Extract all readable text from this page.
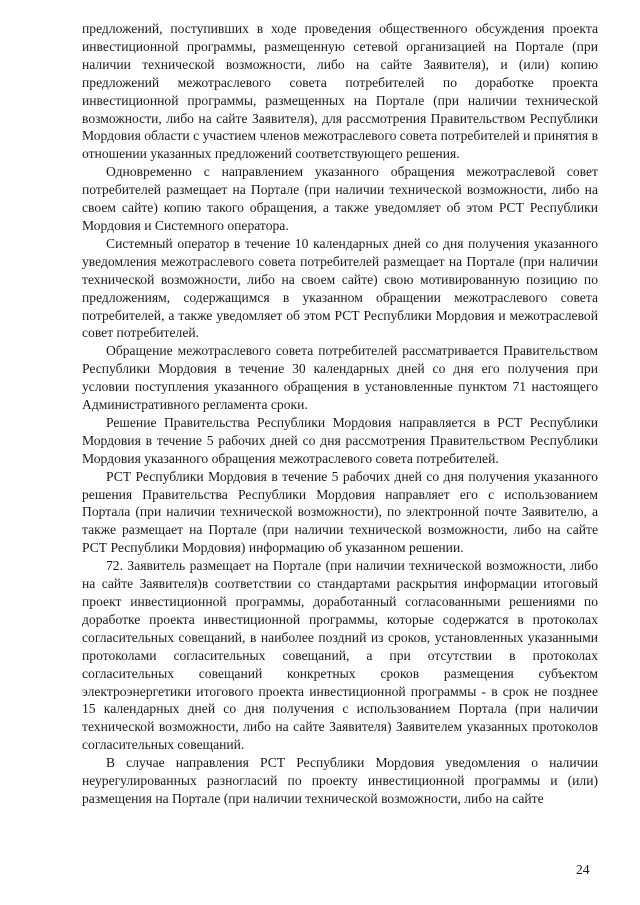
предложений, поступивших в ходе проведения общественного обсуждения проекта инвестиционной программы, размещенную сетевой организацией на Портале (при наличии технической возможности, либо на сайте Заявителя), и (или) копию предложений межотраслевого совета потребителей по доработке проекта инвестиционной программы, размещенных на Портале (при наличии технической возможности, либо на сайте Заявителя), для рассмотрения Правительством Республики Мордовия области с участием членов межотраслевого совета потребителей и принятия в отношении указанных предложений соответствующего решения.

Одновременно с направлением указанного обращения межотраслевой совет потребителей размещает на Портале (при наличии технической возможности, либо на своем сайте) копию такого обращения, а также уведомляет об этом РСТ Республики Мордовия и Системного оператора.

Системный оператор в течение 10 календарных дней со дня получения указанного уведомления межотраслевого совета потребителей размещает на Портале (при наличии технической возможности, либо на своем сайте) свою мотивированную позицию по предложениям, содержащимся в указанном обращении межотраслевого совета потребителей, а также уведомляет об этом РСТ Республики Мордовия и межотраслевой совет потребителей.

Обращение межотраслевого совета потребителей рассматривается Правительством Республики Мордовия в течение 30 календарных дней со дня его получения при условии поступления указанного обращения в установленные пунктом 71 настоящего Административного регламента сроки.

Решение Правительства Республики Мордовия направляется в РСТ Республики Мордовия в течение 5 рабочих дней со дня рассмотрения Правительством Республики Мордовия указанного обращения межотраслевого совета потребителей.

РСТ Республики Мордовия в течение 5 рабочих дней со дня получения указанного решения Правительства Республики Мордовия направляет его с использованием Портала (при наличии технической возможности), по электронной почте Заявителю, а также размещает на Портале (при наличии технической возможности, либо на сайте РСТ Республики Мордовия) информацию об указанном решении.

72. Заявитель размещает на Портале (при наличии технической возможности, либо на сайте Заявителя)в соответствии со стандартами раскрытия информации итоговый проект инвестиционной программы, доработанный согласованными решениями по доработке проекта инвестиционной программы, которые содержатся в протоколах согласительных совещаний, в наиболее поздний из сроков, установленных указанными протоколами согласительных совещаний, а при отсутствии в протоколах согласительных совещаний конкретных сроков размещения субъектом электроэнергетики итогового проекта инвестиционной программы - в срок не позднее 15 календарных дней со дня получения с использованием Портала (при наличии технической возможности, либо на сайте Заявителя) Заявителем указанных протоколов согласительных совещаний.

В случае направления РСТ Республики Мордовия уведомления о наличии неурегулированных разногласий по проекту инвестиционной программы и (или) размещения на Портале (при наличии технической возможности, либо на сайте

24
